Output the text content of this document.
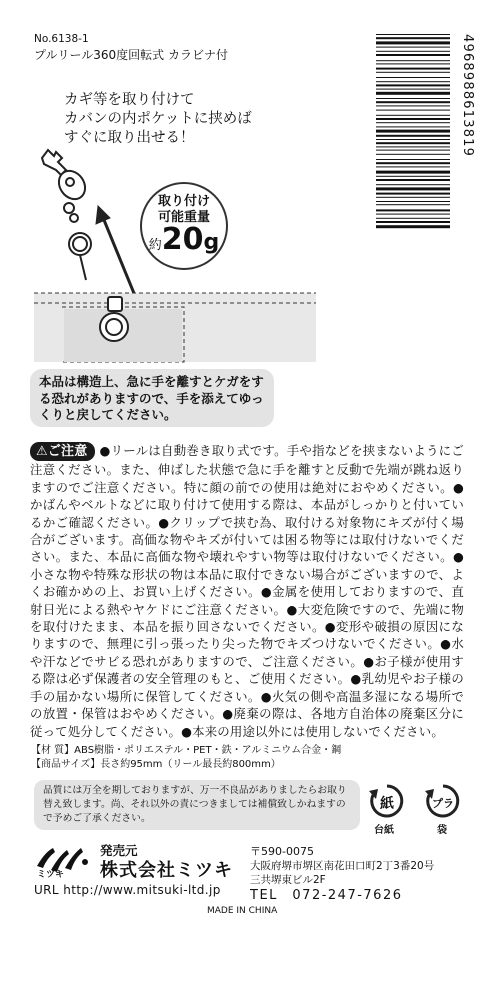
No.6138-1
プルリール360度回転式 カラビナ付
カギ等を取り付けて
カバンの内ポケットに挟めば
すぐに取り出せる！	4968988613819
取り付け
可能重量
約20g
本品は構造上、急に手を離すとケガをする恐れがありますので、手を添えてゆっくりと戻してください。
⚠ご注意 ●リールは自動巻き取り式です。手や指などを挟まないようにご注意ください。また、伸ばした状態で急に手を離すと反動で先端が跳ね返りますのでご注意ください。特に顔の前での使用は絶対におやめください。●かばんやベルトなどに取り付けて使用する際は、本品がしっかりと付いているかご確認ください。●クリップで挟む為、取付ける対象物にキズが付く場合がございます。高価な物やキズが付いては困る物等には取付けないでください。また、本品に高価な物や壊れやすい物等は取付けないでください。●小さな物や特殊な形状の物は本品に取付できない場合がございますので、よくお確かめの上、お買い上げください。●金属を使用しておりますので、直射日光による熱やヤケドにご注意ください。●大変危険ですので、先端に物を取付けたまま、本品を振り回さないでください。●変形や破損の原因になりますので、無理に引っ張ったり尖った物でキズつけないでください。●水や汗などでサビる恐れがありますので、ご注意ください。●お子様が使用する際は必ず保護者の安全管理のもと、ご使用ください。●乳幼児やお子様の手の届かない場所に保管してください。●火気の側や高温多湿になる場所での放置・保管はおやめください。●廃棄の際は、各地方自治体の廃棄区分に従って処分してください。●本来の用途以外には使用しないでください。
【材 質】ABS樹脂・ポリエステル・PET・鉄・アルミニウム合金・鋼
【商品サイズ】長さ約95mm（リール最長約800mm）
品質には万全を期しておりますが、万一不良品がありましたらお取り替え致します。尚、それ以外の責につきましては補償致しかねますので予めご了承ください。
紙	プラ
台紙	袋
ミツキ
発売元
株式会社ミツキ
〒590-0075
大阪府堺市堺区南花田口町2丁3番20号
三共堺東ビル2F
URL http://www.mitsuki-ltd.jp TEL　072-247-7626
MADE IN CHINA
